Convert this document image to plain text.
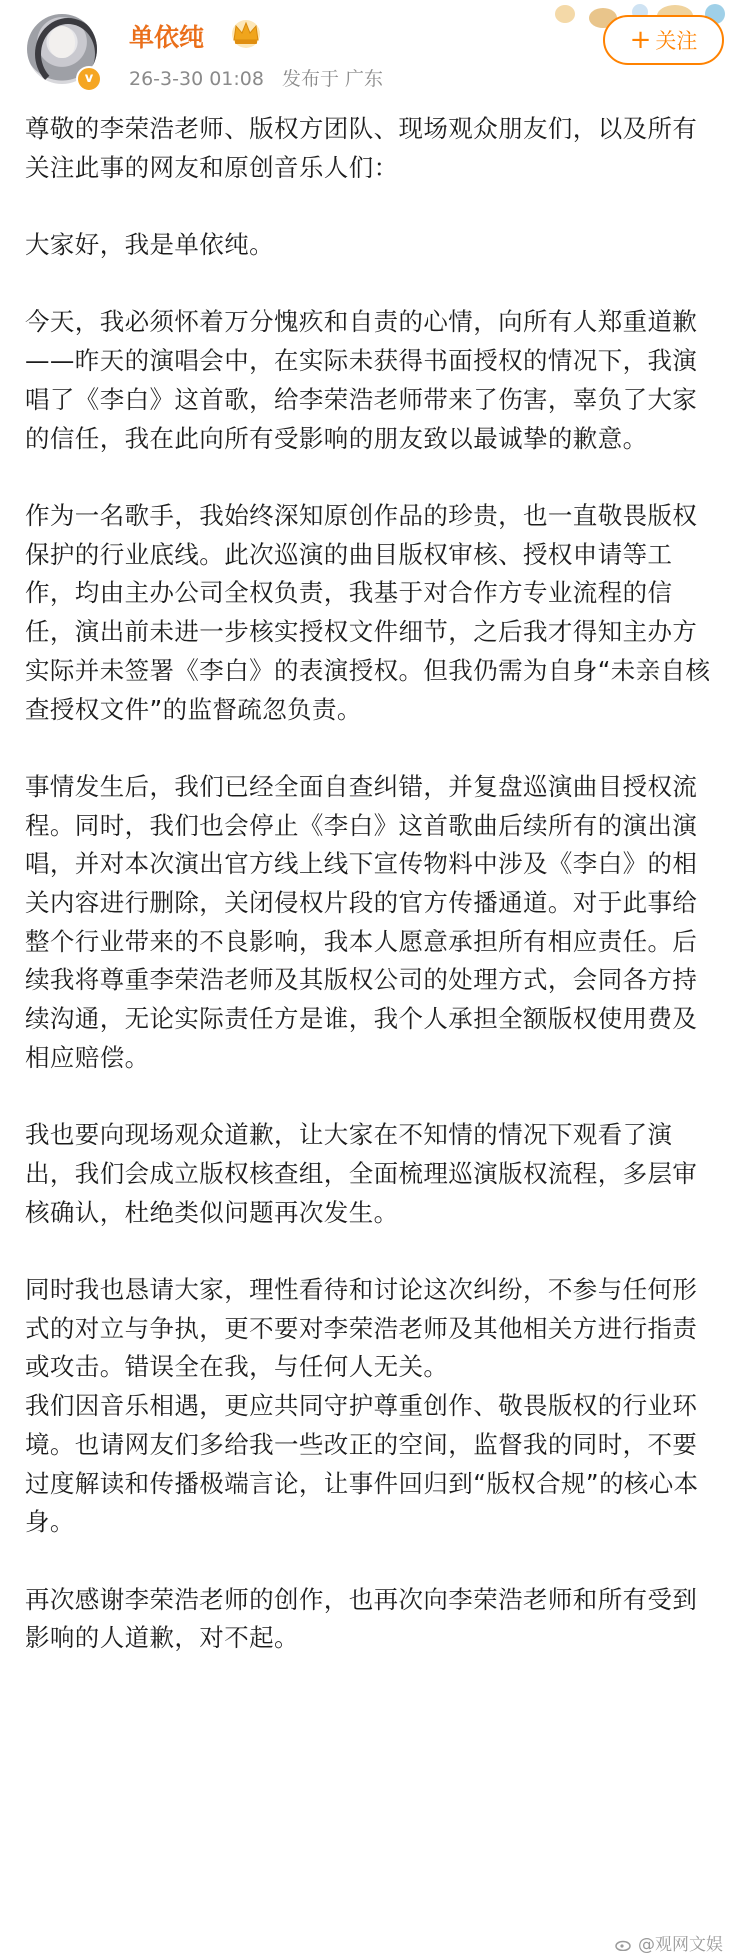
v
单依纯
26-3-30 01:08 发布于 广东
+ 关注

尊敬的李荣浩老师、版权方团队、现场观众朋友们，以及所有关注此事的网友和原创音乐人们：

大家好，我是单依纯。

今天，我必须怀着万分愧疚和自责的心情，向所有人郑重道歉——昨天的演唱会中，在实际未获得书面授权的情况下，我演唱了《李白》这首歌，给李荣浩老师带来了伤害，辜负了大家的信任，我在此向所有受影响的朋友致以最诚挚的歉意。

作为一名歌手，我始终深知原创作品的珍贵，也一直敬畏版权保护的行业底线。此次巡演的曲目版权审核、授权申请等工作，均由主办公司全权负责，我基于对合作方专业流程的信任，演出前未进一步核实授权文件细节，之后我才得知主办方实际并未签署《李白》的表演授权。但我仍需为自身“未亲自核查授权文件”的监督疏忽负责。

事情发生后，我们已经全面自查纠错，并复盘巡演曲目授权流程。同时，我们也会停止《李白》这首歌曲后续所有的演出演唱，并对本次演出官方线上线下宣传物料中涉及《李白》的相关内容进行删除，关闭侵权片段的官方传播通道。对于此事给整个行业带来的不良影响，我本人愿意承担所有相应责任。后续我将尊重李荣浩老师及其版权公司的处理方式，会同各方持续沟通，无论实际责任方是谁，我个人承担全额版权使用费及相应赔偿。

我也要向现场观众道歉，让大家在不知情的情况下观看了演出，我们会成立版权核查组，全面梳理巡演版权流程，多层审核确认，杜绝类似问题再次发生。

同时我也恳请大家，理性看待和讨论这次纠纷，不参与任何形式的对立与争执，更不要对李荣浩老师及其他相关方进行指责或攻击。错误全在我，与任何人无关。

我们因音乐相遇，更应共同守护尊重创作、敬畏版权的行业环境。也请网友们多给我一些改正的空间，监督我的同时，不要过度解读和传播极端言论，让事件回归到“版权合规”的核心本身。

再次感谢李荣浩老师的创作，也再次向李荣浩老师和所有受到影响的人道歉，对不起。

@观网文娱
